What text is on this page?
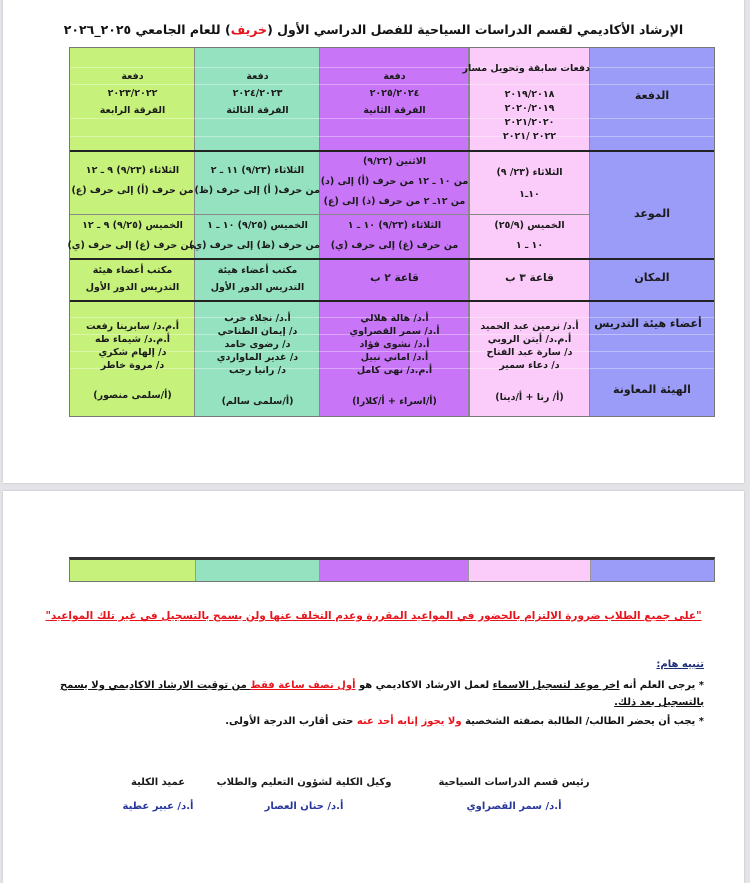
الإرشاد الأكاديمي لقسم الدراسات السياحية للفصل الدراسي الأول (خريف) للعام الجامعي ٢٠٢٥_٢٠٢٦
الدفعة
الموعد
المكان
أعضاء هيئة التدريس
الهيئة المعاونة
دفعات سابقة وتحويل مسار
٢٠١٩/٢٠١٨
٢٠٢٠/٢٠١٩
٢٠٢١/٢٠٢٠
٢٠٢٢ /٢٠٢١
الثلاثاء (٢٣/ ٩)
١٠ـ١
الخميس (٢٥/٩)
١٠ ـ ١
قاعة ٣ ب
أ.د/ نرمين عبد الحميد
أ.م.د/ أيتن الروبي
د/ سارة عبد الفتاح
د/ دعاء سمير
(أ/ رنا + أ/دينا)
دفعة
٢٠٢٥/٢٠٢٤
الفرقة الثانية
الاثنين (٩/٢٢)
من ١٠ ـ ١٢ من حرف (أ) إلى (د)
من ١٢ـ ٢ من حرف (ذ) إلى (ع)
الثلاثاء (٩/٢٣) ١٠ ـ ١
من حرف (غ) إلى حرف (ي)
قاعة ٢ ب
أ.د/ هالة هلالي
أ.د/ سمر القصراوي
أ.د/ نشوى فؤاد
أ.د/ اماني نبيل
أ.م.د/ نهى كامل
(أ/اسراء + أ/كلارا)
دفعة
٢٠٢٤/٢٠٢٣
الفرقة الثالثة
الثلاثاء (٩/٢٣) ١١ ـ ٢
من حرف( أ) إلى حرف (ظ)
الخميس (٩/٢٥) ١٠ ـ ١
من حرف (ظ) إلى حرف (ي)
مكتب أعضاء هيئة
التدريس الدور الأول
أ.د/ نجلاء حرب
د/ إيمان الطناحي
د/ رضوى حامد
د/ غدير الماواردي
د/ رانيا رجب
(أ/سلمى سالم)
دفعة
٢٠٢٣/٢٠٢٢
الفرقة الرابعة
الثلاثاء (٩/٢٣) ٩ ـ ١٢
من حرف (أ) إلى حرف (ع)
الخميس (٩/٢٥) ٩ ـ ١٢
من حرف (غ) إلى حرف (ي)
مكتب أعضاء هيئة
التدريس الدور الأول
أ.م.د/ سابرينا رفعت
أ.م.د/ شيماء طه
د/ إلهام شكري
د/ مروة خاطر
(أ/سلمى منصور)
"على جميع الطلاب ضرورة الالتزام بالحضور في المواعيد المقررة وعدم التخلف عنها ولن يسمح بالتسجيل في غير تلك المواعيد"
تنبيه هام:
* يرجى العلم أنه اخر موعد لتسجيل الاسماء لعمل الارشاد الاكاديمي هو أول نصف ساعة فقط من توقيت الارشاد الاكاديمي ولا يسمح بالتسجيل بعد ذلك.
* يجب أن يحضر الطالب/ الطالبة بصفته الشخصية ولا يجوز إنابه أحد عنه حتى أقارب الدرجة الأولى.
رئيس قسم الدراسات السياحية
أ.د/ سمر القصراوي
وكيل الكلية لشؤون التعليم والطلاب
أ.د/ حنان العصار
عميد الكلية
أ.د/ عبير عطية
